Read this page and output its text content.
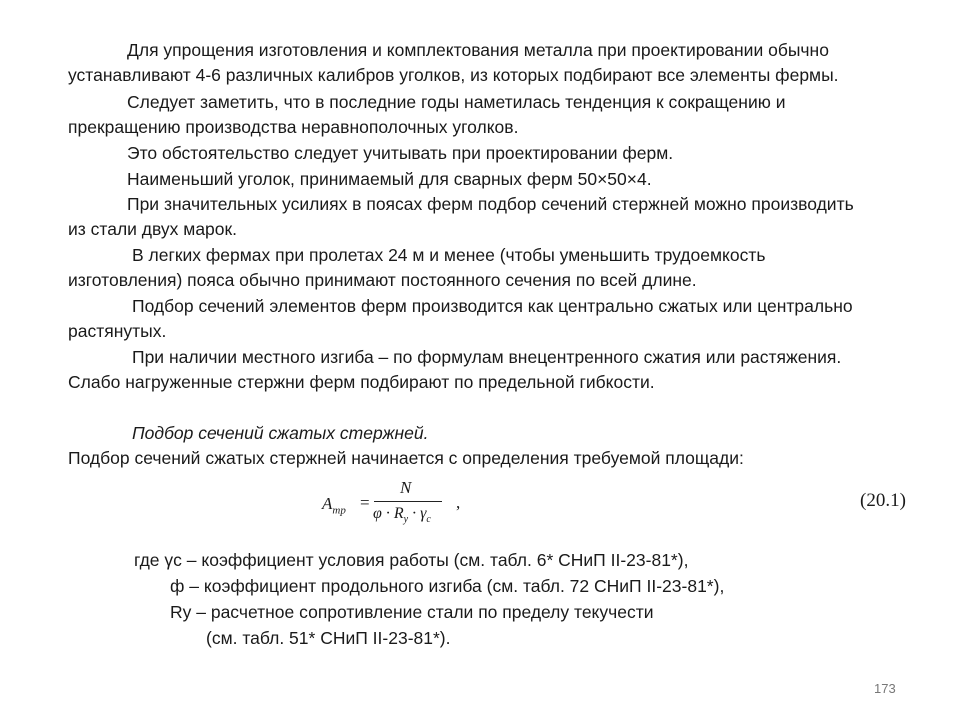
Для упрощения изготовления и комплектования металла при проектировании обычно
устанавливают 4-6 различных калибров уголков, из которых подбирают все элементы фермы.
Следует заметить, что в последние годы наметилась тенденция к сокращению и
прекращению производства неравнополочных уголков.
Это обстоятельство следует учитывать при проектировании ферм.
Наименьший уголок, принимаемый для сварных ферм 50×50×4.
При значительных усилиях в поясах ферм подбор сечений стержней можно производить
из стали двух марок.
В легких фермах при пролетах 24 м и менее (чтобы уменьшить трудоемкость
изготовления) пояса обычно принимают постоянного сечения по всей длине.
Подбор сечений элементов ферм производится как центрально сжатых или центрально
растянутых.
При наличии местного изгиба – по формулам внецентренного сжатия или растяжения.
Слабо нагруженные стержни ферм подбирают по предельной гибкости.
Подбор сечений сжатых стержней.
Подбор сечений сжатых стержней начинается с определения требуемой площади:
$A_{тр}$ =
N
$\varphi \cdot R_y \cdot \gamma_c$
,	(20.1)
где γс – коэффициент условия работы (см. табл. 6* СНиП II-23-81*),
ф – коэффициент продольного изгиба (см. табл. 72 СНиП II-23-81*),
Ry – расчетное сопротивление стали по пределу текучести
(см. табл. 51* СНиП II-23-81*).
173
